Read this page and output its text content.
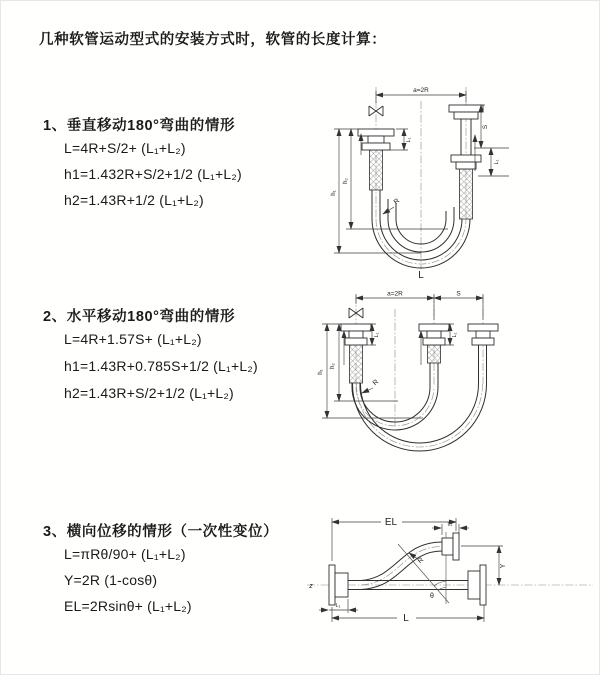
几种软管运动型式的安装方式时，软管的长度计算：
1、垂直移动180°弯曲的情形
L=4R+S/2+ (L₁+L₂)
h1=1.432R+S/2+1/2 (L₁+L₂)
h2=1.43R+1/2 (L₁+L₂)
2、水平移动180°弯曲的情形
L=4R+1.57S+ (L₁+L₂)
h1=1.43R+0.785S+1/2 (L₁+L₂)
h2=1.43R+S/2+1/2 (L₁+L₂)
3、横向位移的情形（一次性变位）
L=πRθ/90+ (L₁+L₂)
Y=2R (1-cosθ)
EL=2Rsinθ+ (L₁+L₂)
a=2R
h₁
h₂
L₁
S
L₁
R
L
a=2R	S
h₁
h₂
L₁	L₁
R
EL	L₁
Y
L
L₁
R
θ
z
